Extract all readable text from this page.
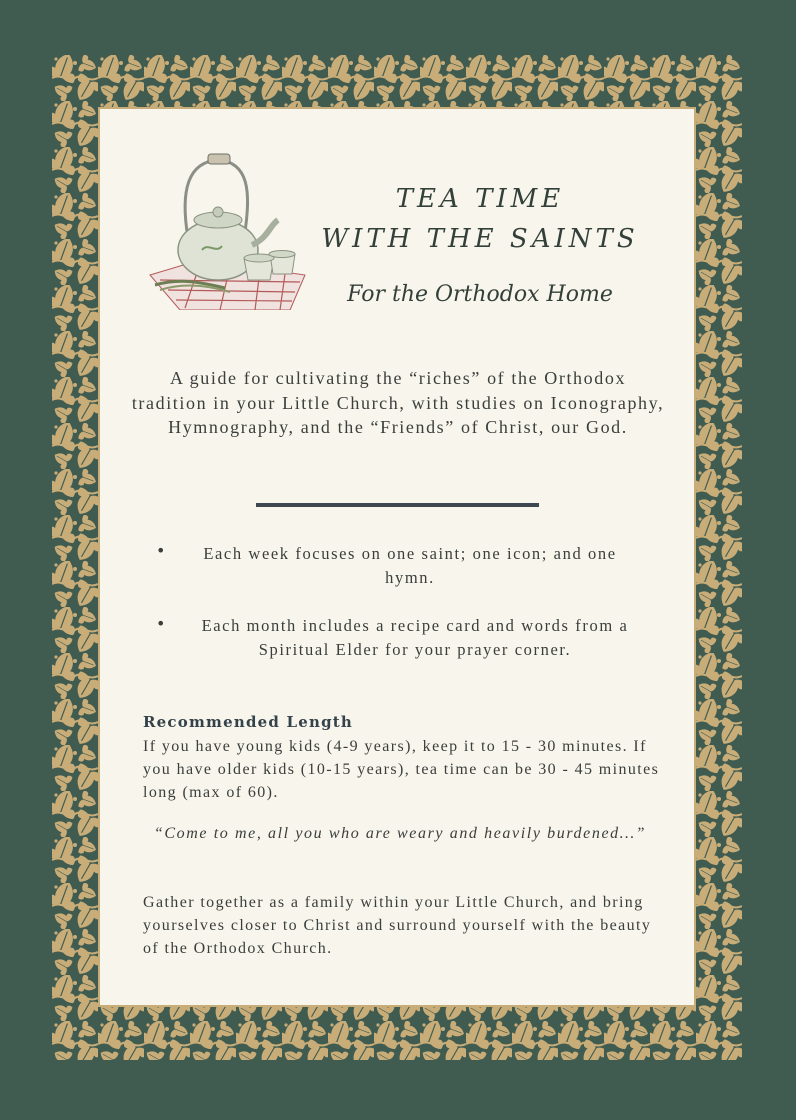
TEA TIME
WITH THE SAINTS
For the Orthodox Home
A guide for cultivating the “riches” of the Orthodox tradition in your Little Church, with studies on Iconography, Hymnography, and the “Friends” of Christ, our God.
•	Each week focuses on one saint; one icon; and one hymn.
•	Each month includes a recipe card and words from a Spiritual Elder for your prayer corner.
Recommended Length
If you have young kids (4-9 years), keep it to 15 - 30 minutes. If you have older kids (10-15 years), tea time can be 30 - 45 minutes long (max of 60).
“Come to me, all you who are weary and heavily burdened…”
Gather together as a family within your Little Church, and bring yourselves closer to Christ and surround yourself with the beauty of the Orthodox Church.
